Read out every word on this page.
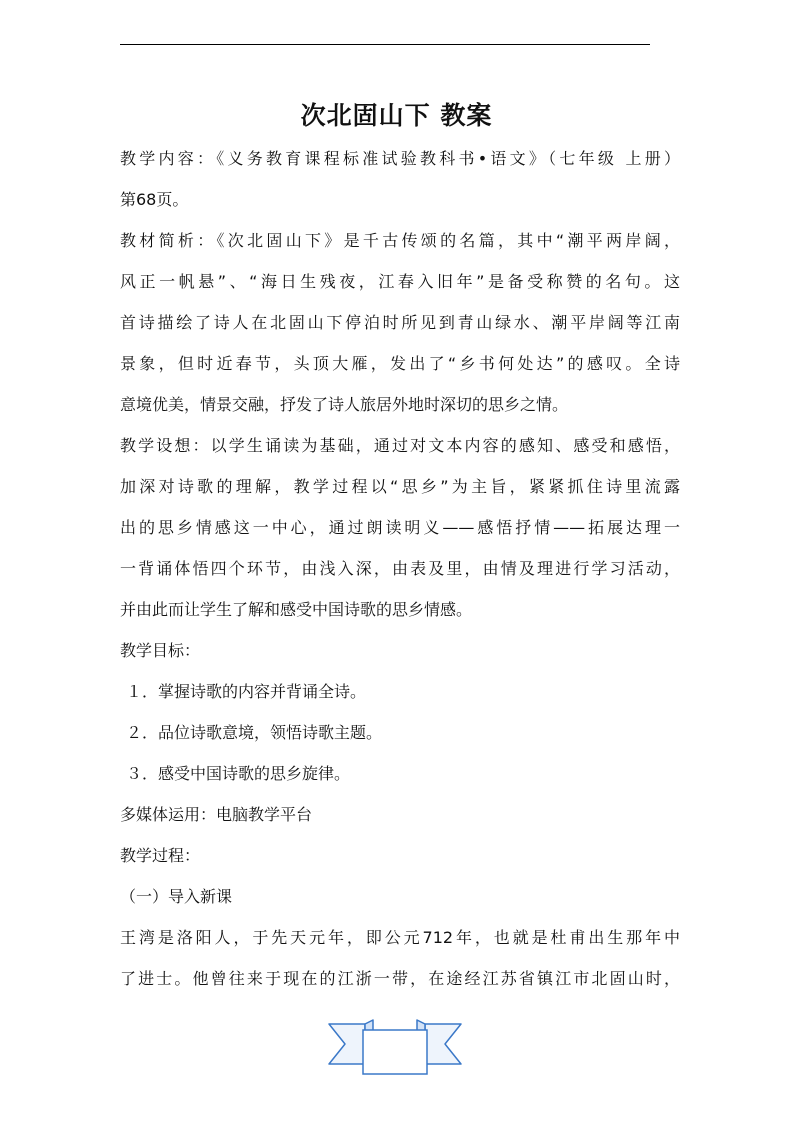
次北固山下 教案

教学内容：《义务教育课程标准试验教科书•语文》（七年级 上册）

第68页。

教材简析：《次北固山下》是千古传颂的名篇，其中“潮平两岸阔，

风正一帆悬”、“海日生残夜，江春入旧年”是备受称赞的名句。这

首诗描绘了诗人在北固山下停泊时所见到青山绿水、潮平岸阔等江南

景象，但时近春节，头顶大雁，发出了“乡书何处达”的感叹。全诗

意境优美，情景交融，抒发了诗人旅居外地时深切的思乡之情。

教学设想：以学生诵读为基础，通过对文本内容的感知、感受和感悟，

加深对诗歌的理解，教学过程以“思乡”为主旨，紧紧抓住诗里流露

出的思乡情感这一中心，通过朗读明义——感悟抒情——拓展达理一

一背诵体悟四个环节，由浅入深，由表及里，由情及理进行学习活动，

并由此而让学生了解和感受中国诗歌的思乡情感。

教学目标：

１．掌握诗歌的内容并背诵全诗。

２．品位诗歌意境，领悟诗歌主题。

３．感受中国诗歌的思乡旋律。

多媒体运用：电脑教学平台

教学过程：

（一）导入新课

王湾是洛阳人，于先天元年，即公元712年，也就是杜甫出生那年中

了进士。他曾往来于现在的江浙一带，在途经江苏省镇江市北固山时，
